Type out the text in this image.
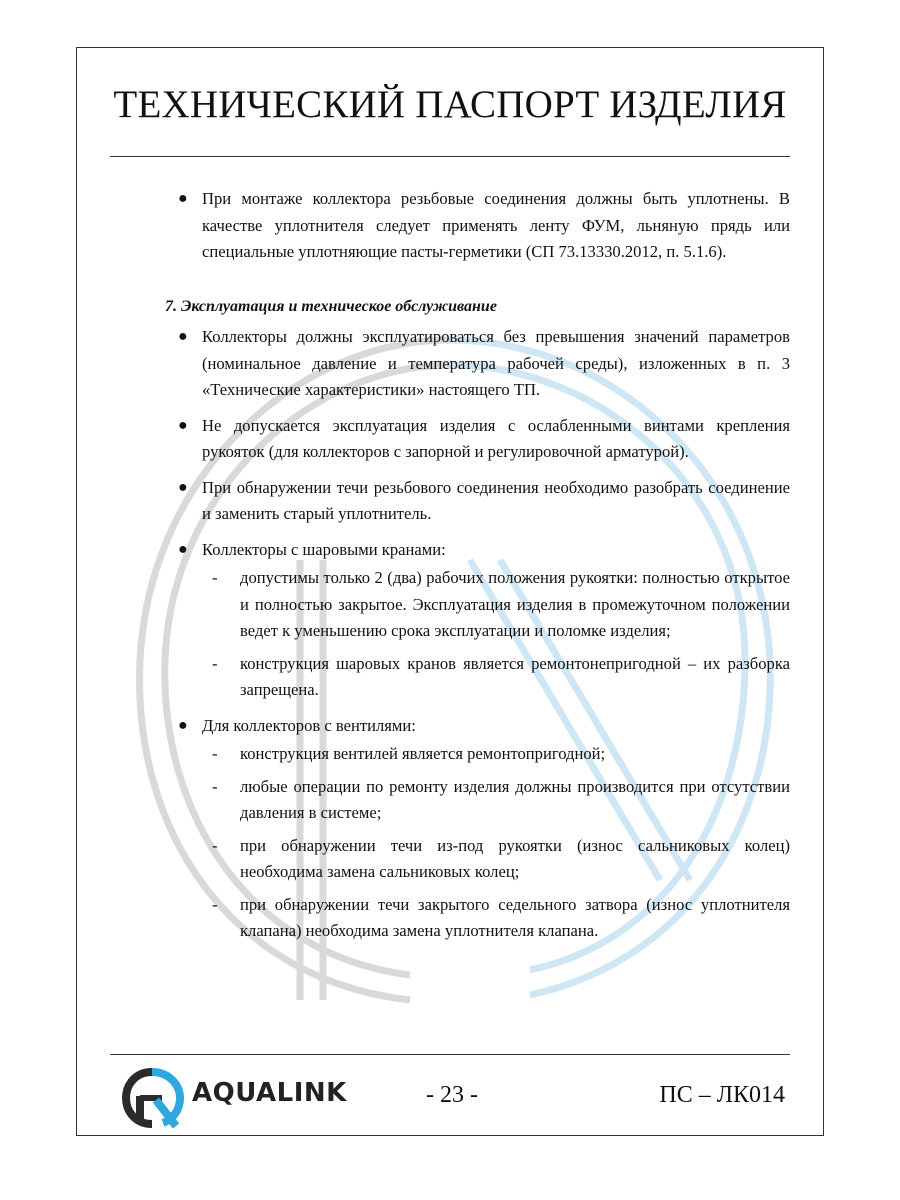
ТЕХНИЧЕСКИЙ ПАСПОРТ ИЗДЕЛИЯ
● При монтаже коллектора резьбовые соединения должны быть уплотнены. В качестве уплотнителя следует применять ленту ФУМ, льняную прядь или специальные уплотняющие пасты-герметики (СП 73.13330.2012, п. 5.1.6).
7. Эксплуатация и техническое обслуживание
● Коллекторы должны эксплуатироваться без превышения значений параметров (номинальное давление и температура рабочей среды), изложенных в п. 3 «Технические характеристики» настоящего ТП.
● Не допускается эксплуатация изделия с ослабленными винтами крепления рукояток (для коллекторов с запорной и регулировочной арматурой).
● При обнаружении течи резьбового соединения необходимо разобрать соединение и заменить старый уплотнитель.
● Коллекторы с шаровыми кранами:
- допустимы только 2 (два) рабочих положения рукоятки: полностью открытое и полностью закрытое. Эксплуатация изделия в промежуточном положении ведет к уменьшению срока эксплуатации и поломке изделия;
- конструкция шаровых кранов является ремонтонепригодной – их разборка запрещена.
● Для коллекторов с вентилями:
- конструкция вентилей является ремонтопригодной;
- любые операции по ремонту изделия должны производится при отсутствии давления в системе;
- при обнаружении течи из-под рукоятки (износ сальниковых колец) необходима замена сальниковых колец;
- при обнаружении течи закрытого седельного затвора (износ уплотнителя клапана) необходима замена уплотнителя клапана.
AQUALINK	- 23 -	ПС – ЛК014
